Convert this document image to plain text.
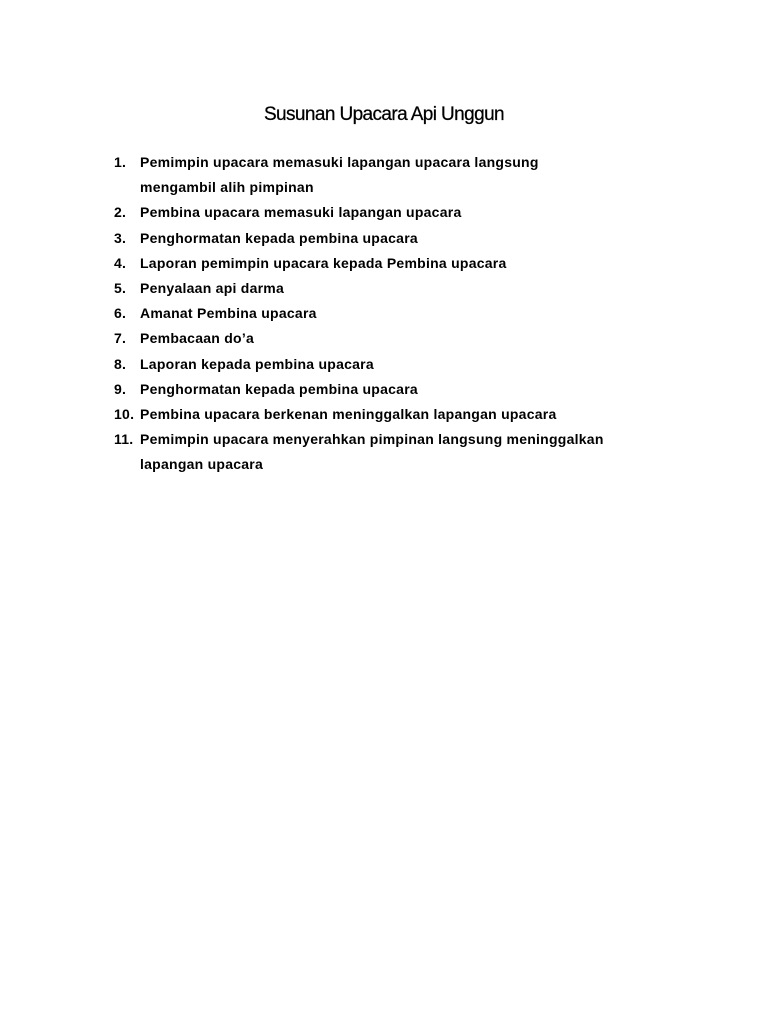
Susunan Upacara Api Unggun
1. Pemimpin upacara memasuki lapangan upacara langsung
mengambil alih pimpinan
2. Pembina upacara memasuki lapangan upacara
3. Penghormatan kepada pembina upacara
4. Laporan pemimpin upacara kepada Pembina upacara
5. Penyalaan api darma
6. Amanat Pembina upacara
7. Pembacaan do’a
8. Laporan kepada pembina upacara
9. Penghormatan kepada pembina upacara
10. Pembina upacara berkenan meninggalkan lapangan upacara
11. Pemimpin upacara menyerahkan pimpinan langsung meninggalkan
lapangan upacara
